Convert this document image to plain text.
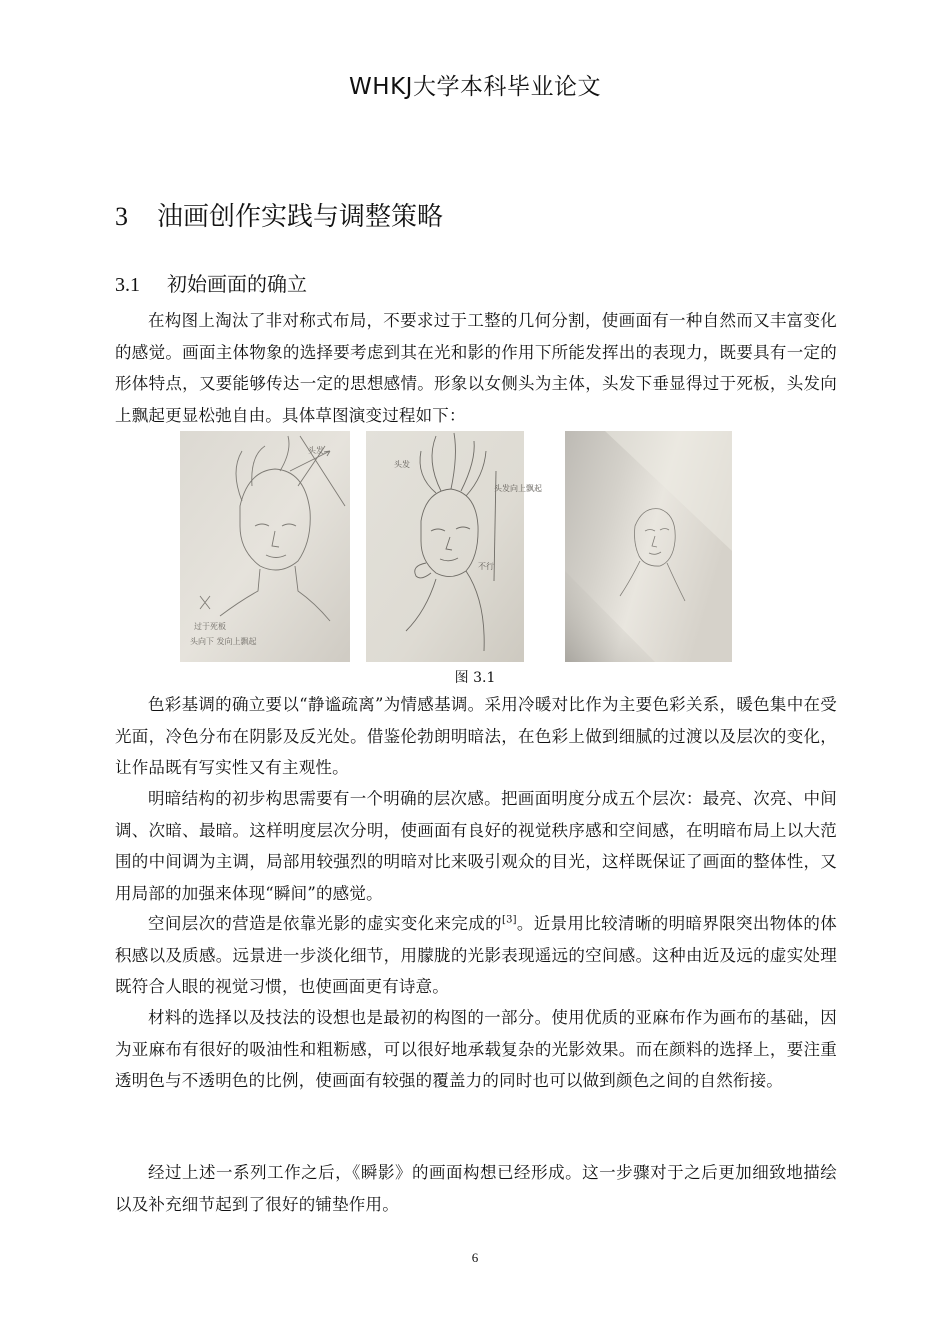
WHKJ大学本科毕业论文
3 油画创作实践与调整策略
3.1 初始画面的确立

在构图上淘汰了非对称式布局，不要求过于工整的几何分割，使画面有一种自然而又丰富变化的感觉。画面主体物象的选择要考虑到其在光和影的作用下所能发挥出的表现力，既要具有一定的形体特点，又要能够传达一定的思想感情。形象以女侧头为主体，头发下垂显得过于死板，头发向上飘起更显松弛自由。具体草图演变过程如下：

头发
过于死板
头向下 发向上飘起
头发
头发向上飘起
不行
图 3.1

色彩基调的确立要以“静谧疏离”为情感基调。采用冷暖对比作为主要色彩关系，暖色集中在受光面，冷色分布在阴影及反光处。借鉴伦勃朗明暗法，在色彩上做到细腻的过渡以及层次的变化，让作品既有写实性又有主观性。

明暗结构的初步构思需要有一个明确的层次感。把画面明度分成五个层次：最亮、次亮、中间调、次暗、最暗。这样明度层次分明，使画面有良好的视觉秩序感和空间感，在明暗布局上以大范围的中间调为主调，局部用较强烈的明暗对比来吸引观众的目光，这样既保证了画面的整体性，又用局部的加强来体现“瞬间”的感觉。

空间层次的营造是依靠光影的虚实变化来完成的[3]。近景用比较清晰的明暗界限突出物体的体积感以及质感。远景进一步淡化细节，用朦胧的光影表现遥远的空间感。这种由近及远的虚实处理既符合人眼的视觉习惯，也使画面更有诗意。

材料的选择以及技法的设想也是最初的构图的一部分。使用优质的亚麻布作为画布的基础，因为亚麻布有很好的吸油性和粗粝感，可以很好地承载复杂的光影效果。而在颜料的选择上，要注重透明色与不透明色的比例，使画面有较强的覆盖力的同时也可以做到颜色之间的自然衔接。

经过上述一系列工作之后，《瞬影》的画面构想已经形成。这一步骤对于之后更加细致地描绘以及补充细节起到了很好的铺垫作用。

6
